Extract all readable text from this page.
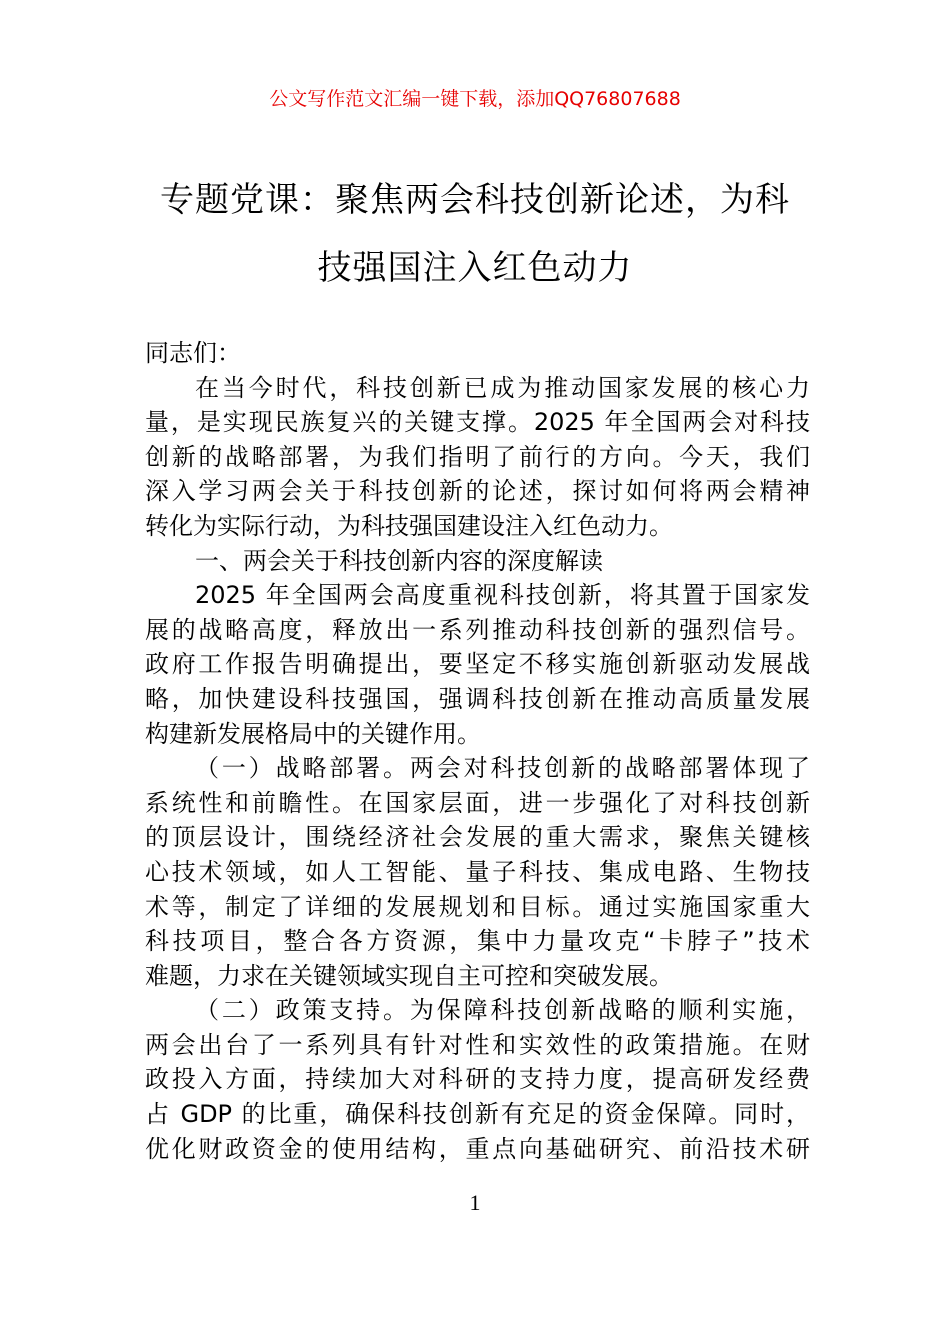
公文写作范文汇编一键下载，添加QQ76807688
专题党课：聚焦两会科技创新论述，为科
技强国注入红色动力
同志们：
在当今时代，科技创新已成为推动国家发展的核心力
量，是实现民族复兴的关键支撑。2025 年全国两会对科技
创新的战略部署，为我们指明了前行的方向。今天，我们
深入学习两会关于科技创新的论述，探讨如何将两会精神
转化为实际行动，为科技强国建设注入红色动力。
一、两会关于科技创新内容的深度解读
2025 年全国两会高度重视科技创新，将其置于国家发
展的战略高度，释放出一系列推动科技创新的强烈信号。
政府工作报告明确提出，要坚定不移实施创新驱动发展战
略，加快建设科技强国，强调科技创新在推动高质量发展
构建新发展格局中的关键作用。
（一）战略部署。两会对科技创新的战略部署体现了
系统性和前瞻性。在国家层面，进一步强化了对科技创新
的顶层设计，围绕经济社会发展的重大需求，聚焦关键核
心技术领域，如人工智能、量子科技、集成电路、生物技
术等，制定了详细的发展规划和目标。通过实施国家重大
科技项目，整合各方资源，集中力量攻克“卡脖子”技术
难题，力求在关键领域实现自主可控和突破发展。
（二）政策支持。为保障科技创新战略的顺利实施，
两会出台了一系列具有针对性和实效性的政策措施。在财
政投入方面，持续加大对科研的支持力度，提高研发经费
占 GDP 的比重，确保科技创新有充足的资金保障。同时，
优化财政资金的使用结构，重点向基础研究、前沿技术研
1
